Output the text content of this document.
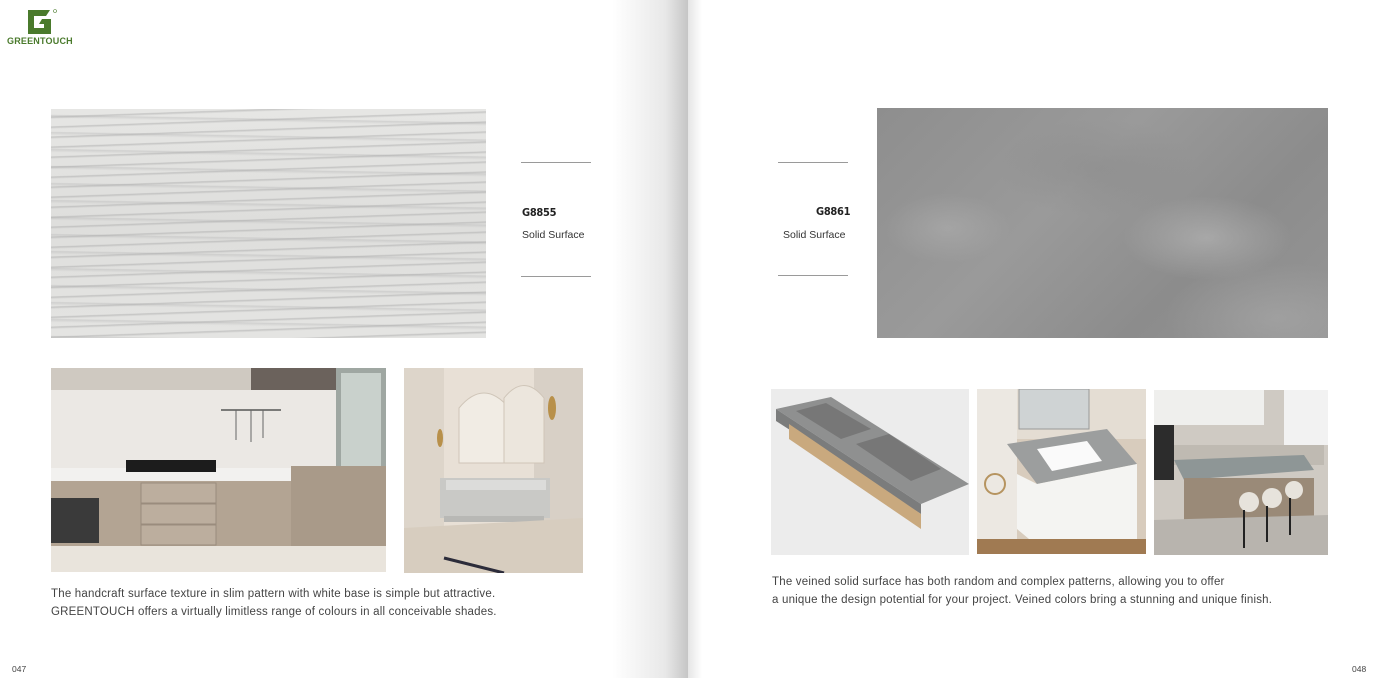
GREENTOUCH
G8855
Solid Surface
The handcraft surface texture in slim pattern with white base is simple but attractive.
GREENTOUCH offers a virtually limitless range of colours in all conceivable shades.
047
G8861
Solid Surface
The veined solid surface has both random and complex patterns, allowing you to offer
a unique the design potential for your project. Veined colors bring a stunning and unique finish.
048
